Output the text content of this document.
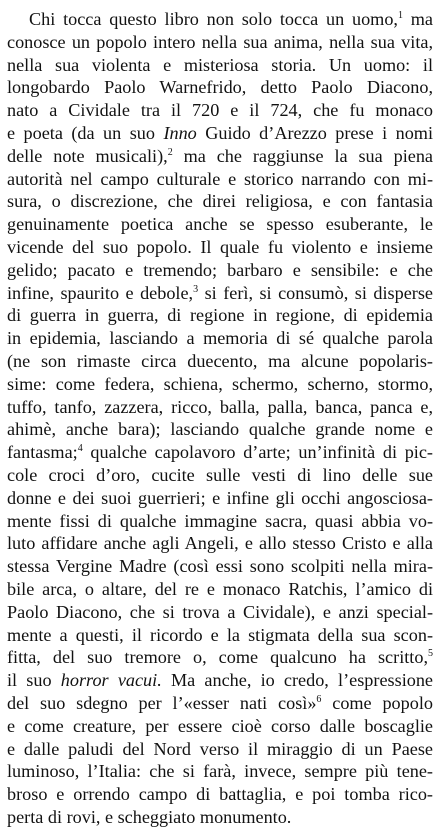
Chi tocca questo libro non solo tocca un uomo,$^1$ ma
conosce un popolo intero nella sua anima, nella sua vita,
nella sua violenta e misteriosa storia. Un uomo: il
longobardo Paolo Warnefrido, detto Paolo Diacono,
nato a Cividale tra il 720 e il 724, che fu monaco
e poeta (da un suo Inno Guido d’Arezzo prese i nomi
delle note musicali),$^2$ ma che raggiunse la sua piena
autorità nel campo culturale e storico narrando con mi-
sura, o discrezione, che direi religiosa, e con fantasia
genuinamente poetica anche se spesso esuberante, le
vicende del suo popolo. Il quale fu violento e insieme
gelido; pacato e tremendo; barbaro e sensibile: e che
infine, spaurito e debole,$^3$ si ferì, si consumò, si disperse
di guerra in guerra, di regione in regione, di epidemia
in epidemia, lasciando a memoria di sé qualche parola
(ne son rimaste circa duecento, ma alcune popolaris-
sime: come federa, schiena, schermo, scherno, stormo,
tuffo, tanfo, zazzera, ricco, balla, palla, banca, panca e,
ahimè, anche bara); lasciando qualche grande nome e
fantasma;$^4$ qualche capolavoro d’arte; un’infinità di pic-
cole croci d’oro, cucite sulle vesti di lino delle sue
donne e dei suoi guerrieri; e infine gli occhi angosciosa-
mente fissi di qualche immagine sacra, quasi abbia vo-
luto affidare anche agli Angeli, e allo stesso Cristo e alla
stessa Vergine Madre (così essi sono scolpiti nella mira-
bile arca, o altare, del re e monaco Ratchis, l’amico di
Paolo Diacono, che si trova a Cividale), e anzi special-
mente a questi, il ricordo e la stigmata della sua scon-
fitta, del suo tremore o, come qualcuno ha scritto,$^5$
il suo horror vacui. Ma anche, io credo, l’espressione
del suo sdegno per l’«esser nati così»$^6$ come popolo
e come creature, per essere cioè corso dalle boscaglie
e dalle paludi del Nord verso il miraggio di un Paese
luminoso, l’Italia: che si farà, invece, sempre più tene-
broso e orrendo campo di battaglia, e poi tomba rico-
perta di rovi, e scheggiato monumento.
